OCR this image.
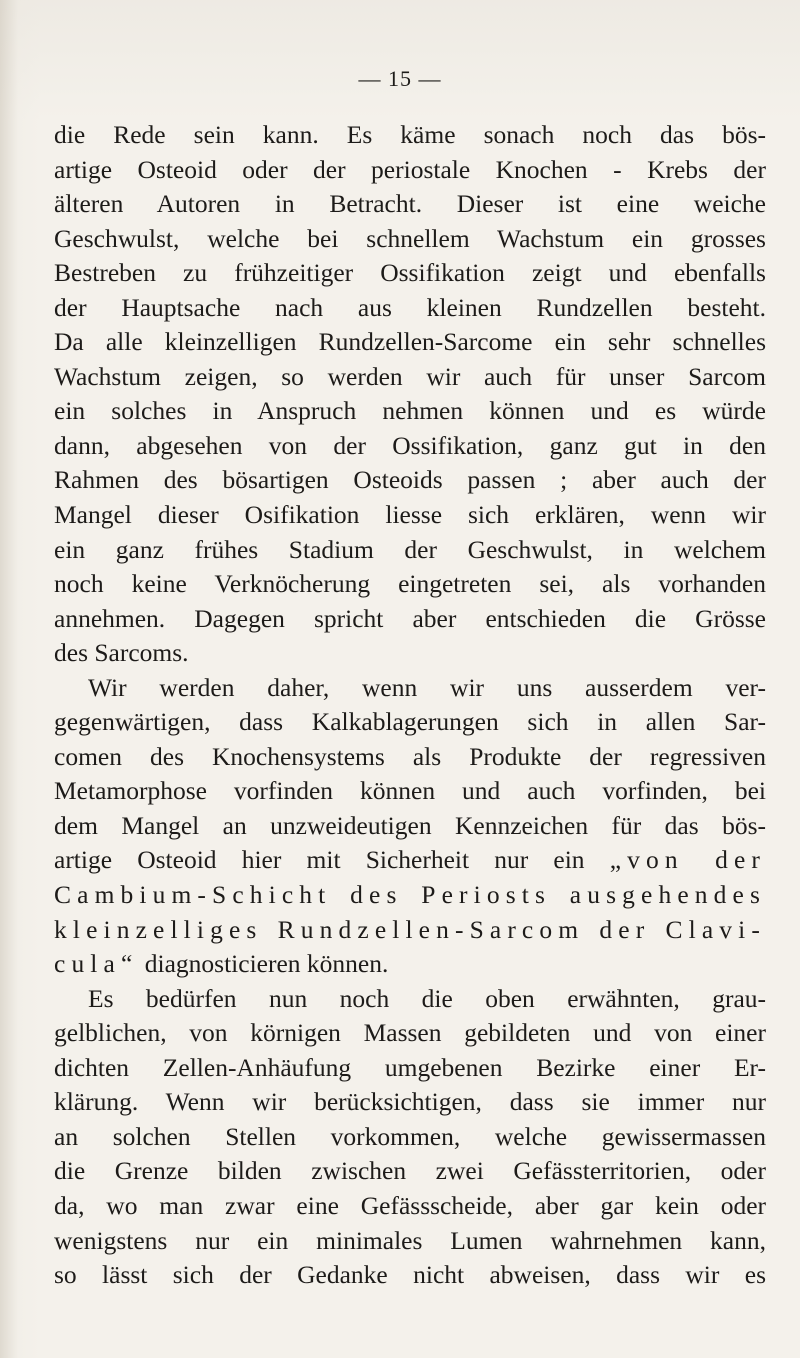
— 15 —
die Rede sein kann. Es käme sonach noch das bös-
artige Osteoid oder der periostale Knochen - Krebs der
älteren Autoren in Betracht. Dieser ist eine weiche
Geschwulst, welche bei schnellem Wachstum ein grosses
Bestreben zu frühzeitiger Ossifikation zeigt und ebenfalls
der Hauptsache nach aus kleinen Rundzellen besteht.
Da alle kleinzelligen Rundzellen-Sarcome ein sehr schnelles
Wachstum zeigen, so werden wir auch für unser Sarcom
ein solches in Anspruch nehmen können und es würde
dann, abgesehen von der Ossifikation, ganz gut in den
Rahmen des bösartigen Osteoids passen ; aber auch der
Mangel dieser Osifikation liesse sich erklären, wenn wir
ein ganz frühes Stadium der Geschwulst, in welchem
noch keine Verknöcherung eingetreten sei, als vorhanden
annehmen. Dagegen spricht aber entschieden die Grösse
des Sarcoms.
Wir werden daher, wenn wir uns ausserdem ver-
gegenwärtigen, dass Kalkablagerungen sich in allen Sar-
comen des Knochensystems als Produkte der regressiven
Metamorphose vorfinden können und auch vorfinden, bei
dem Mangel an unzweideutigen Kennzeichen für das bös-
artige Osteoid hier mit Sicherheit nur ein „von der
Cambium-Schicht des Periosts ausgehendes
kleinzelliges Rundzellen-Sarcom der Clavi-
cula“ diagnosticieren können.
Es bedürfen nun noch die oben erwähnten, grau-
gelblichen, von körnigen Massen gebildeten und von einer
dichten Zellen-Anhäufung umgebenen Bezirke einer Er-
klärung. Wenn wir berücksichtigen, dass sie immer nur
an solchen Stellen vorkommen, welche gewissermassen
die Grenze bilden zwischen zwei Gefässterritorien, oder
da, wo man zwar eine Gefässscheide, aber gar kein oder
wenigstens nur ein minimales Lumen wahrnehmen kann,
so lässt sich der Gedanke nicht abweisen, dass wir es
